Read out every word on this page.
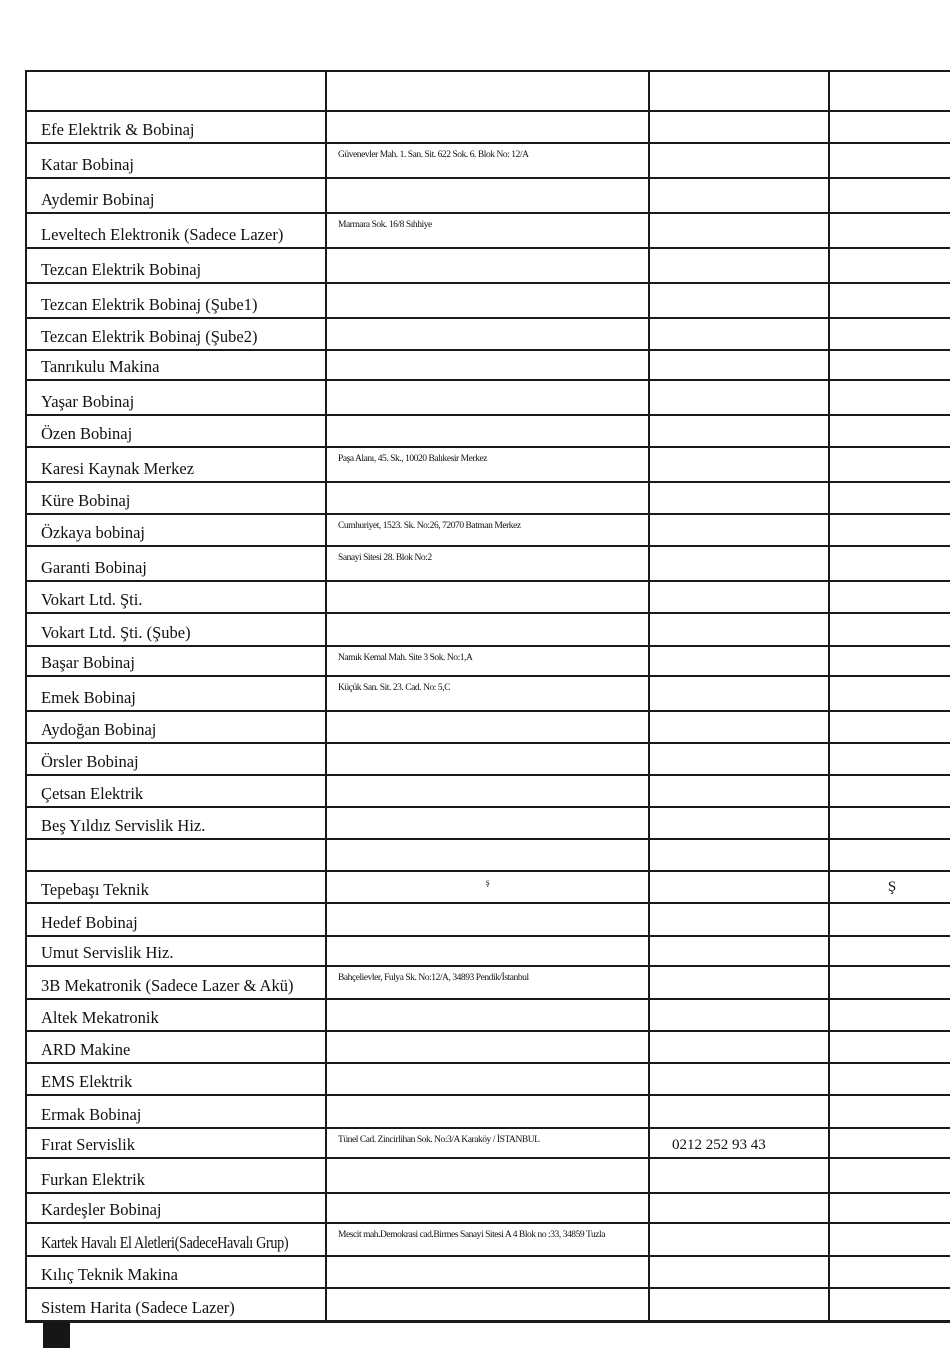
Efe Elektrik & Bobinaj			
Katar Bobinaj	Güvenevler Mah. 1. San. Sit. 622 Sok. 6. Blok No: 12/A		
Aydemir Bobinaj			
Leveltech Elektronik (Sadece Lazer)	Marmara Sok. 16/8 Sıhhiye		
Tezcan Elektrik Bobinaj			
Tezcan Elektrik Bobinaj (Şube1)			
Tezcan Elektrik Bobinaj (Şube2)			
Tanrıkulu Makina			
Yaşar Bobinaj			
Özen Bobinaj			
Karesi Kaynak Merkez	Paşa Alanı, 45. Sk., 10020 Balıkesir Merkez		
Küre Bobinaj			
Özkaya bobinaj	Cumhuriyet, 1523. Sk. No:26, 72070 Batman Merkez		
Garanti Bobinaj	Sanayi Sitesi 28. Blok No:2		
Vokart Ltd. Şti.			
Vokart Ltd. Şti. (Şube)			
Başar Bobinaj	Namık Kemal Mah. Site 3 Sok. No:1,A		
Emek Bobinaj	Küçük San. Sit. 23. Cad. No: 5,C		
Aydoğan Bobinaj			
Örsler Bobinaj			
Çetsan Elektrik			
Beş Yıldız Servislik Hiz.			

Tepebaşı Teknik	ş		Ş
Hedef Bobinaj			
Umut Servislik Hiz.			
3B Mekatronik (Sadece Lazer & Akü)	Bahçelievler, Fulya Sk. No:12/A, 34893 Pendik/İstanbul		
Altek Mekatronik			
ARD Makine			
EMS Elektrik			
Ermak Bobinaj			
Fırat Servislik	Tünel Cad. Zincirlihan Sok. No:3/A Karaköy / İSTANBUL	0212 252 93 43	
Furkan Elektrik			
Kardeşler Bobinaj			
Kartek Havalı El Aletleri(SadeceHavalı Grup)	Mescit mah.Demokrasi cad.Birmes Sanayi Sitesi A 4 Blok no :33, 34859 Tuzla		
Kılıç Teknik Makina			
Sistem Harita (Sadece Lazer)			
